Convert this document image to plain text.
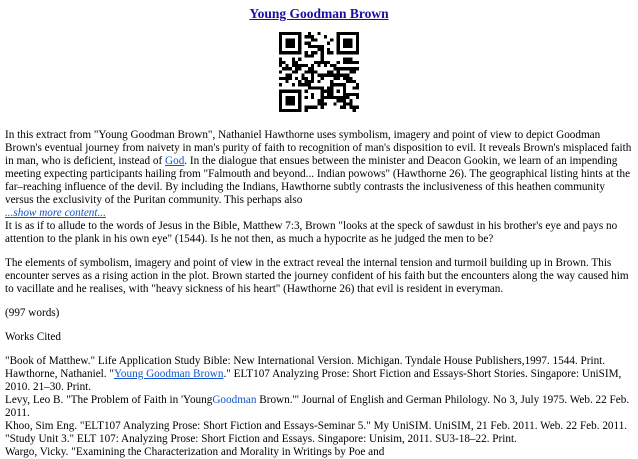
Young Goodman Brown

In this extract from "Young Goodman Brown", Nathaniel Hawthorne uses symbolism, imagery and point of view to depict Goodman Brown's eventual journey from naivety in man's purity of faith to recognition of man's disposition to evil. It reveals Brown's misplaced faith in man, who is deficient, instead of God. In the dialogue that ensues between the minister and Deacon Gookin, we learn of an impending meeting expecting participants hailing from "Falmouth and beyond... Indian powows" (Hawthorne 26). The geographical listing hints at the far–reaching influence of the devil. By including the Indians, Hawthorne subtly contrasts the inclusiveness of this heathen community versus the exclusivity of the Puritan community. This perhaps also

...show more content...

It is as if to allude to the words of Jesus in the Bible, Matthew 7:3, Brown "looks at the speck of sawdust in his brother's eye and pays no attention to the plank in his own eye" (1544). Is he not then, as much a hypocrite as he judged the men to be?

The elements of symbolism, imagery and point of view in the extract reveal the internal tension and turmoil building up in Brown. This encounter serves as a rising action in the plot. Brown started the journey confident of his faith but the encounters along the way caused him to vacillate and he realises, with "heavy sickness of his heart" (Hawthorne 26) that evil is resident in everyman.

(997 words)

Works Cited

"Book of Matthew." Life Application Study Bible: New International Version. Michigan. Tyndale House Publishers,1997. 1544. Print.

Hawthorne, Nathaniel. "Young Goodman Brown." ELT107 Analyzing Prose: Short Fiction and Essays-Short Stories. Singapore: UniSIM, 2010. 21–30. Print.

Levy, Leo B. "The Problem of Faith in 'YoungGoodman Brown.'" Journal of English and German Philology. No 3, July 1975. Web. 22 Feb. 2011.

Khoo, Sim Eng. "ELT107 Analyzing Prose: Short Fiction and Essays-Seminar 5." My UniSIM. UniSIM, 21 Feb. 2011. Web. 22 Feb. 2011.

"Study Unit 3." ELT 107: Analyzing Prose: Short Fiction and Essays. Singapore: Unisim, 2011. SU3-18–22. Print.

Wargo, Vicky. "Examining the Characterization and Morality in Writings by Poe and
